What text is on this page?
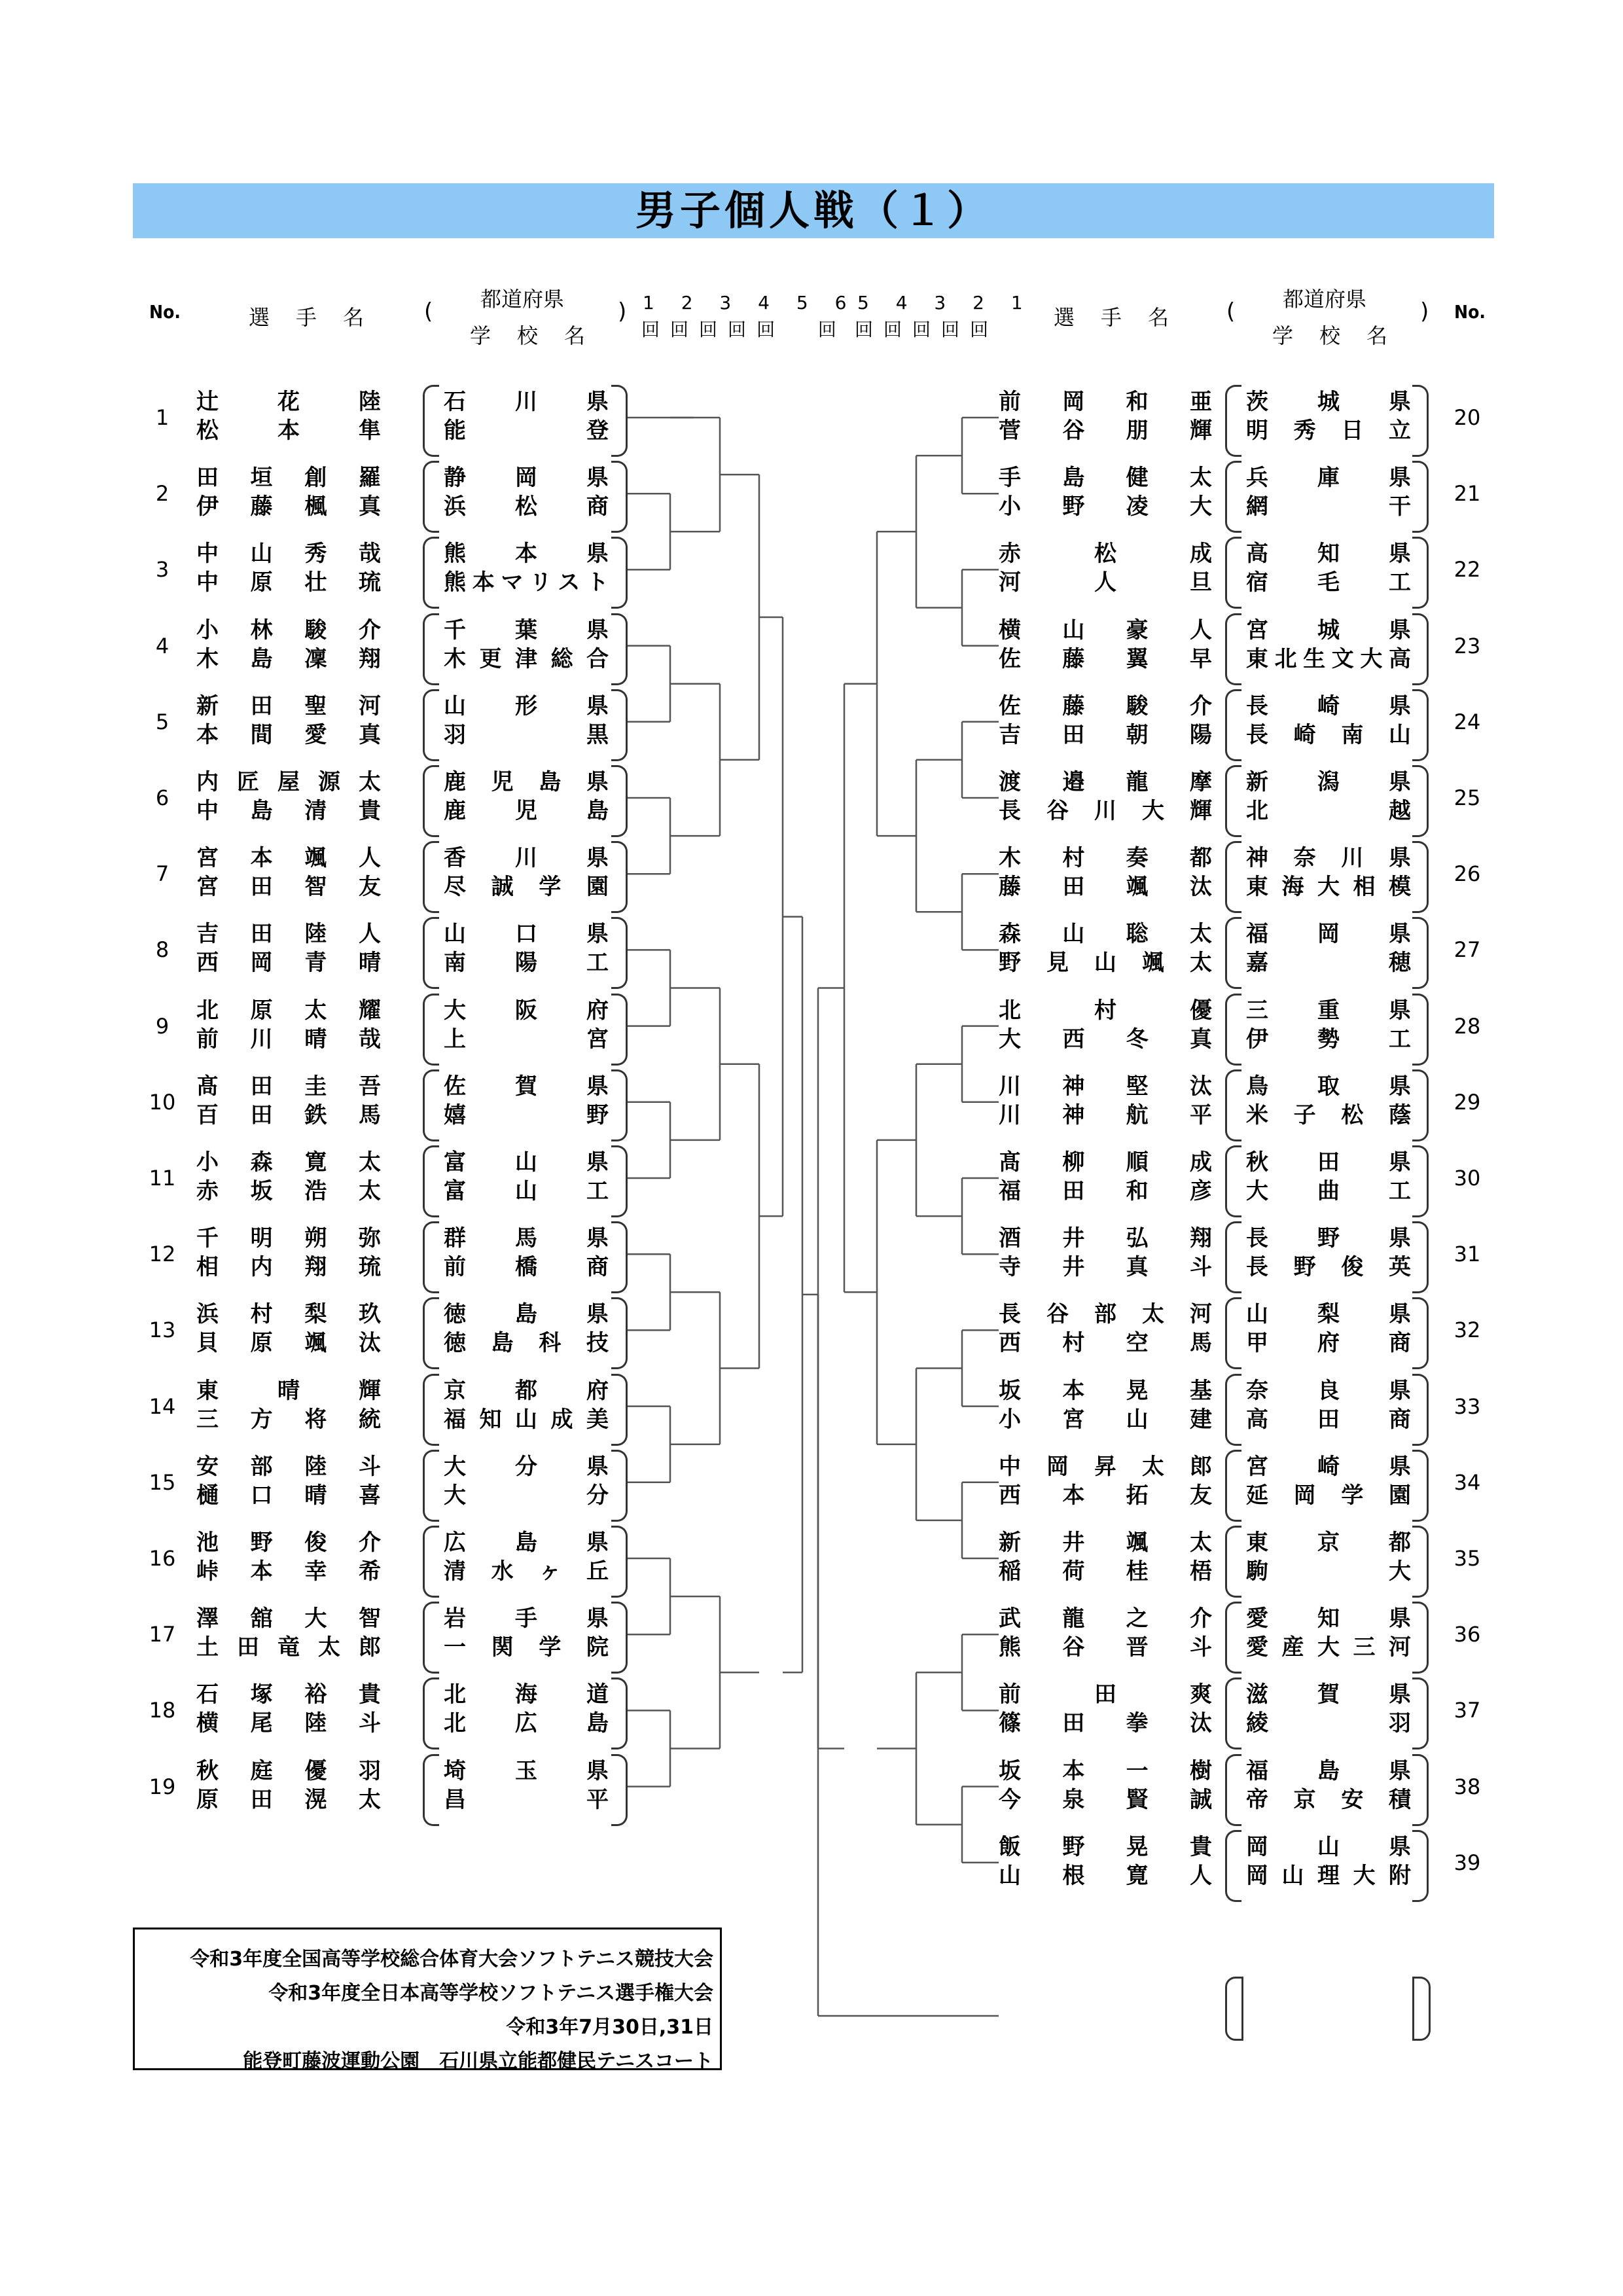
男子個人戦（１）
No.	選手名 ( 都道府県
学校名
) 1 2 3 4 5 6
回回回回回 回
5 4 3 2 1
回回回回回	選手名 ( 都道府県
学校名
) No.
1
辻花陸
松本隼
石川県
能登
2
田垣創羅
伊藤楓真
静岡県
浜松商
3
中山秀哉
中原壮琉
熊本県
熊本マリスト
4
小林駿介
木島凜翔
千葉県
木更津総合
5
新田聖河
本間愛真
山形県
羽黒
6
内匠屋源太
中島清貴
鹿児島県
鹿児島
7
宮本颯人
宮田智友
香川県
尽誠学園
8
吉田陸人
西岡青晴
山口県
南陽工
9
北原太耀
前川晴哉
大阪府
上宮
10
髙田圭吾
百田鉄馬
佐賀県
嬉野
11
小森寛太
赤坂浩太
富山県
富山工
12
千明朔弥
相内翔琉
群馬県
前橋商
13
浜村梨玖
貝原颯汰
徳島県
徳島科技
14
東晴輝
三方将統
京都府
福知山成美
15
安部陸斗
樋口晴喜
大分県
大分
16
池野俊介
峠本幸希
広島県
清水ヶ丘
17
澤舘大智
土田竜太郎
岩手県
一関学院
18
石塚裕貴
横尾陸斗
北海道
北広島
19
秋庭優羽
原田滉太
埼玉県
昌平
20
前岡和亜
菅谷朋輝
茨城県
明秀日立
21
手島健太
小野凌大
兵庫県
網干
22
赤松成
河人旦
高知県
宿毛工
23
横山豪人
佐藤翼早
宮城県
東北生文大高
24
佐藤駿介
吉田朝陽
長崎県
長崎南山
25
渡邉龍摩
長谷川大輝
新潟県
北越
26
木村奏都
藤田颯汰
神奈川県
東海大相模
27
森山聡太
野見山颯太
福岡県
嘉穂
28
北村優
大西冬真
三重県
伊勢工
29
川神堅汰
川神航平
鳥取県
米子松蔭
30
髙柳順成
福田和彦
秋田県
大曲工
31
酒井弘翔
寺井真斗
長野県
長野俊英
32
長谷部太河
西村空馬
山梨県
甲府商
33
坂本晃基
小宮山建
奈良県
高田商
34
中岡昇太郎
西本拓友
宮崎県
延岡学園
35
新井颯太
稲荷桂梧
東京都
駒大
36
武龍之介
熊谷晋斗
愛知県
愛産大三河
37
前田爽
篠田拳汰
滋賀県
綾羽
38
坂本一樹
今泉賢誠
福島県
帝京安積
39
飯野晃貴
山根寛人
岡山県
岡山理大附
令和3年度全国高等学校総合体育大会ソフトテニス競技大会
令和3年度全日本高等学校ソフトテニス選手権大会
令和3年7月30日,31日
能登町藤波運動公園　石川県立能都健民テニスコート
